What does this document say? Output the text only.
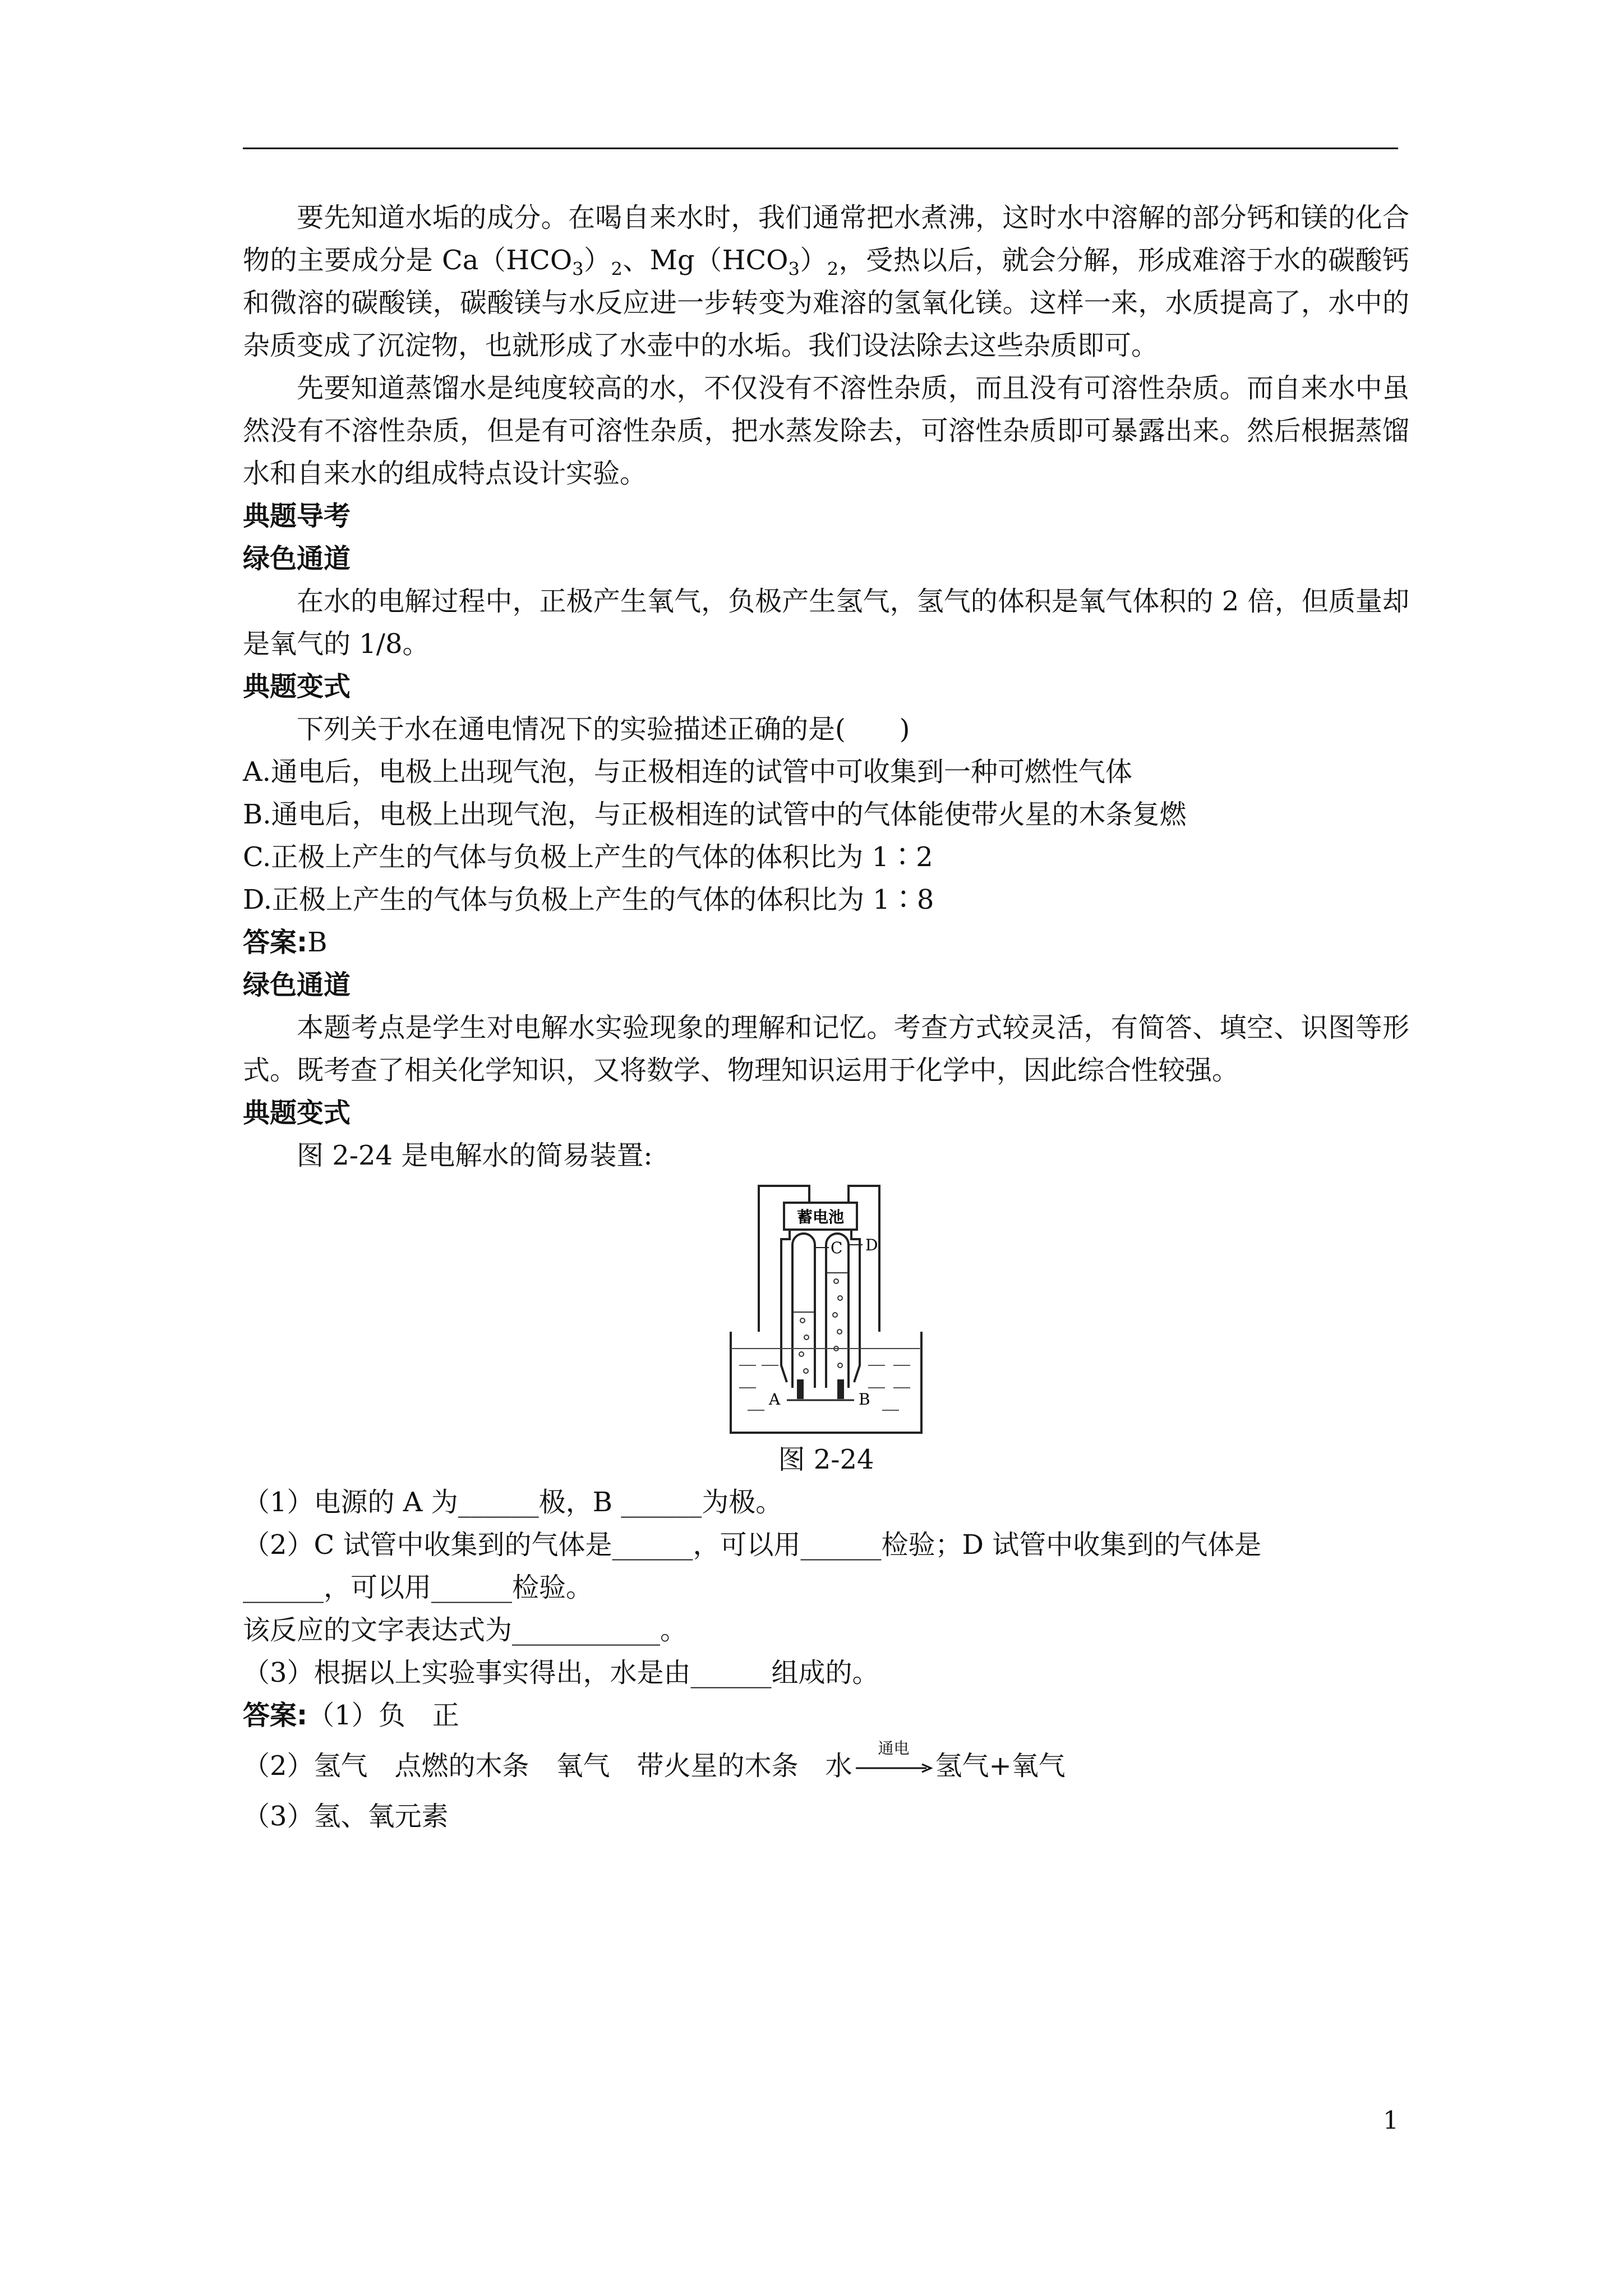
要先知道水垢的成分。在喝自来水时，我们通常把水煮沸，这时水中溶解的部分钙和镁的化合物的主要成分是 $Ca(HCO_3)_2$、$Mg(HCO_3)_2$，受热以后，就会分解，形成难溶于水的碳酸钙和微溶的碳酸镁，碳酸镁与水反应进一步转变为难溶的氢氧化镁。这样一来，水质提高了，水中的杂质变成了沉淀物，也就形成了水壶中的水垢。我们设法除去这些杂质即可。

先要知道蒸馏水是纯度较高的水，不仅没有不溶性杂质，而且没有可溶性杂质。而自来水中虽然没有不溶性杂质，但是有可溶性杂质，把水蒸发除去，可溶性杂质即可暴露出来。然后根据蒸馏水和自来水的组成特点设计实验。

典题导考

绿色通道

在水的电解过程中，正极产生氧气，负极产生氢气，氢气的体积是氧气体积的 2 倍，但质量却是氧气的 1/8。

典题变式

下列关于水在通电情况下的实验描述正确的是(　　)

A.通电后，电极上出现气泡，与正极相连的试管中可收集到一种可燃性气体

B.通电后，电极上出现气泡，与正极相连的试管中的气体能使带火星的木条复燃

C.正极上产生的气体与负极上产生的气体的体积比为 1∶2

D.正极上产生的气体与负极上产生的气体的体积比为 1∶8

答案:B

绿色通道

本题考点是学生对电解水实验现象的理解和记忆。考查方式较灵活，有简答、填空、识图等形式。既考查了相关化学知识，又将数学、物理知识运用于化学中，因此综合性较强。

典题变式

图 2-24 是电解水的简易装置:

蓄电池
C D
A	B

图 2-24

（1）电源的 A 为______极，B ______为极。

（2）C 试管中收集到的气体是______，可以用______检验；D 试管中收集到的气体是

______，可以用______检验。

该反应的文字表达式为___________。

（3）根据以上实验事实得出，水是由______组成的。

答案:（1）负　正

（2）氢气　点燃的木条　氧气　带火星的木条　水
通电
氢气+氧气

（3）氢、氧元素

1
